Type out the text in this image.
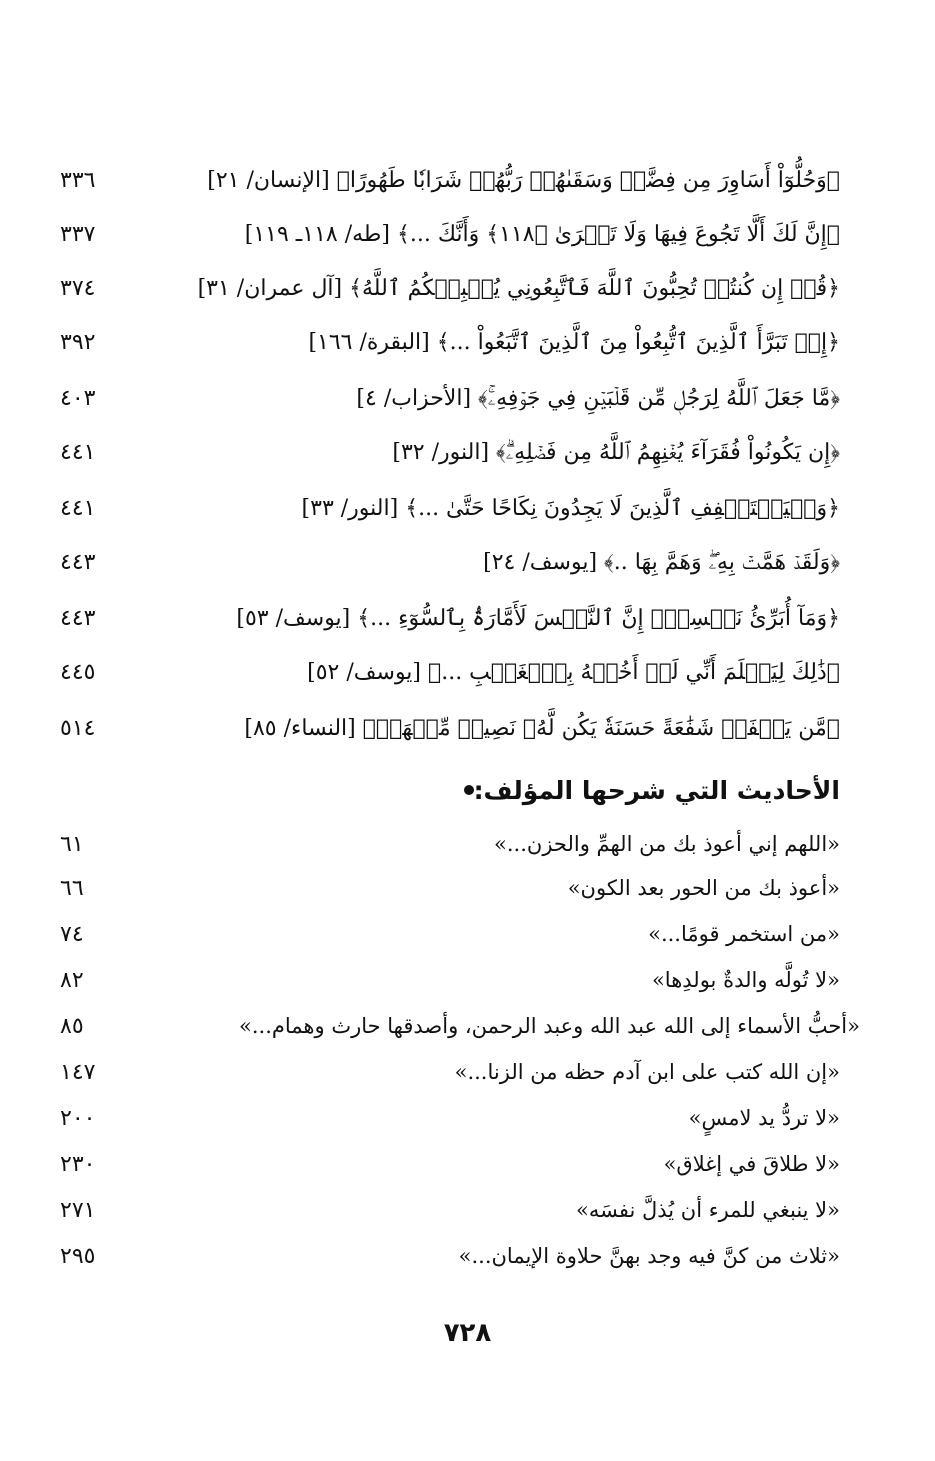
﴿وَحُلُّوٓاْ أَسَاوِرَ مِن فِضَّةٖ وَسَقَىٰهُمۡ رَبُّهُمۡ شَرَابٗا طَهُورًا﴾ [الإنسان/ ٢١]
٣٣٦
﴿إِنَّ لَكَ أَلَّا تَجُوعَ فِيهَا وَلَا تَعۡرَىٰ ﴿١١٨﴾ وَأَنَّكَ ...﴾ [طه/ ١١٨ـ ١١٩]
٣٣٧
﴿قُلۡ إِن كُنتُمۡ تُحِبُّونَ ٱللَّهَ فَٱتَّبِعُونِي يُحۡبِبۡكُمُ ٱللَّهُ﴾ [آل عمران/ ٣١]
٣٧٤
﴿إِذۡ تَبَرَّأَ ٱلَّذِينَ ٱتُّبِعُواْ مِنَ ٱلَّذِينَ ٱتَّبَعُواْ ...﴾ [البقرة/ ١٦٦]
٣٩٢
﴿مَّا جَعَلَ ٱللَّهُ لِرَجُلٖ مِّن قَلۡبَيۡنِ فِي جَوۡفِهِۦۚ﴾ [الأحزاب/ ٤]
٤٠٣
﴿إِن يَكُونُواْ فُقَرَآءَ يُغۡنِهِمُ ٱللَّهُ مِن فَضۡلِهِۦۗ﴾ [النور/ ٣٢]
٤٤١
﴿وَلۡيَسۡتَعۡفِفِ ٱلَّذِينَ لَا يَجِدُونَ نِكَاحًا حَتَّىٰ ...﴾ [النور/ ٣٣]
٤٤١
﴿وَلَقَدۡ هَمَّتۡ بِهِۦۖ وَهَمَّ بِهَا ..﴾ [يوسف/ ٢٤]
٤٤٣
﴿وَمَآ أُبَرِّئُ نَفۡسِيٓۚ إِنَّ ٱلنَّفۡسَ لَأَمَّارَةُۢ بِٱلسُّوٓءِ ...﴾ [يوسف/ ٥٣]
٤٤٣
﴿ذَٰلِكَ لِيَعۡلَمَ أَنِّي لَمۡ أَخُنۡهُ بِٱلۡغَيۡبِ ...﴾ [يوسف/ ٥٢]
٤٤٥
﴿مَّن يَشۡفَعۡ شَفَٰعَةً حَسَنَةٗ يَكُن لَّهُۥ نَصِيبٞ مِّنۡهَاۖ﴾ [النساء/ ٨٥]
٥١٤
الأحاديث التي شرحها المؤلف:
«اللهم إني أعوذ بك من الهمِّ والحزن...»
٦١
«أعوذ بك من الحور بعد الكون»
٦٦
«من استخمر قومًا...»
٧٤
«لا تُولَّه والدةٌ بولدِها»
٨٢
«أحبُّ الأسماء إلى الله عبد الله وعبد الرحمن، وأصدقها حارث وهمام...»
٨٥
«إن الله كتب على ابن آدم حظه من الزنا...»
١٤٧
«لا تردُّ يد لامسٍ»
٢٠٠
«لا طلاقَ في إغلاق»
٢٣٠
«لا ينبغي للمرء أن يُذلَّ نفسَه»
٢٧١
«ثلاث من كنَّ فيه وجد بهنَّ حلاوة الإيمان...»
٢٩٥
٧٢٨
